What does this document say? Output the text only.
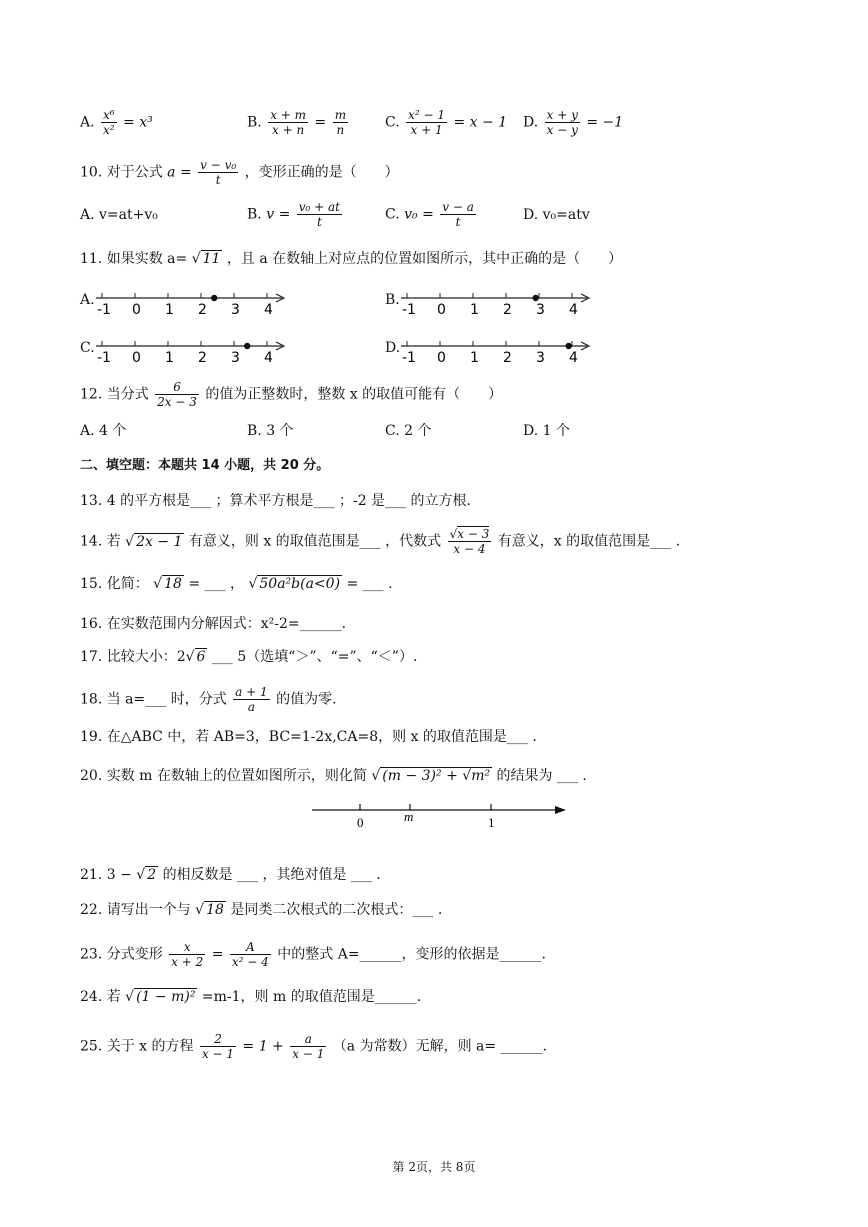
A. $\frac{\text{x⁶}}{\text{x²}} = x^3$	B. $\frac{x + m}{x + n} = \frac{m}{n}$	C. $\frac{\text{x² − 1}}{x + 1} = x - 1$ D. $\frac{x + y}{x - y} = -1$
10. 对于公式 $a = \frac{\text{v − v₀}}{t}$ ，变形正确的是（　　）
A. v=at+v₀	B. $v = \frac{\text{v₀ + at}}{t}$	C. $v_0 = \frac{v - a}{t}$	D. v₀=atv
11. 如果实数 a= √ 11 ，且 a 在数轴上对应点的位置如图所示，其中正确的是（　　）
A.
-1 0 1 2 3 4
B.
-1 0 1 2 3 4
C.
-1 0 1 2 3 4
D.
-1 0 1 2 3 4
12. 当分式 $\frac{6}{2x - 3}$ 的值为正整数时，整数 x 的取值可能有（　　）
A. 4 个	B. 3 个	C. 2 个	D. 1 个
二、填空题：本题共 14 小题，共 20 分。
13. 4 的平方根是___ ；算术平方根是___ ；-2 是___ 的立方根.
14. 若 √ 2x − 1 有意义，则 x 的取值范围是___ ，代数式 $\frac{√x - 3}{x - 4}$ 有意义，x 的取值范围是___ .
15. 化简： √ 18 = ___ ， √ 50a²b(a<0) = ___ .
16. 在实数范围内分解因式：x²-2=______.
17. 比较大小：2√ 6 ___ 5（选填“＞”、“=”、“＜”）.
18. 当 a=___ 时，分式 $\frac{a + 1}{a}$ 的值为零.
19. 在△ABC 中，若 AB=3，BC=1-2x,CA=8，则 x 的取值范围是___ .
20. 实数 m 在数轴上的位置如图所示，则化简 √ (m − 3)² + √m² 的结果为 ___ .
0	m	1
21. 3 − √ 2 的相反数是 ___ ，其绝对值是 ___ .
22. 请写出一个与 √ 18 是同类二次根式的二次根式：___ .
23. 分式变形 $\frac{x}{x + 2} = \frac{A}{\text{x² − 4}}$ 中的整式 A=______，变形的依据是______.
24. 若 √ (1 − m)² =m-1，则 m 的取值范围是______.
25. 关于 x 的方程 $\frac{2}{x - 1} = 1 + \frac{a}{x - 1} (a$ 为常数）无解，则 a= ______.
第 2页，共 8页
